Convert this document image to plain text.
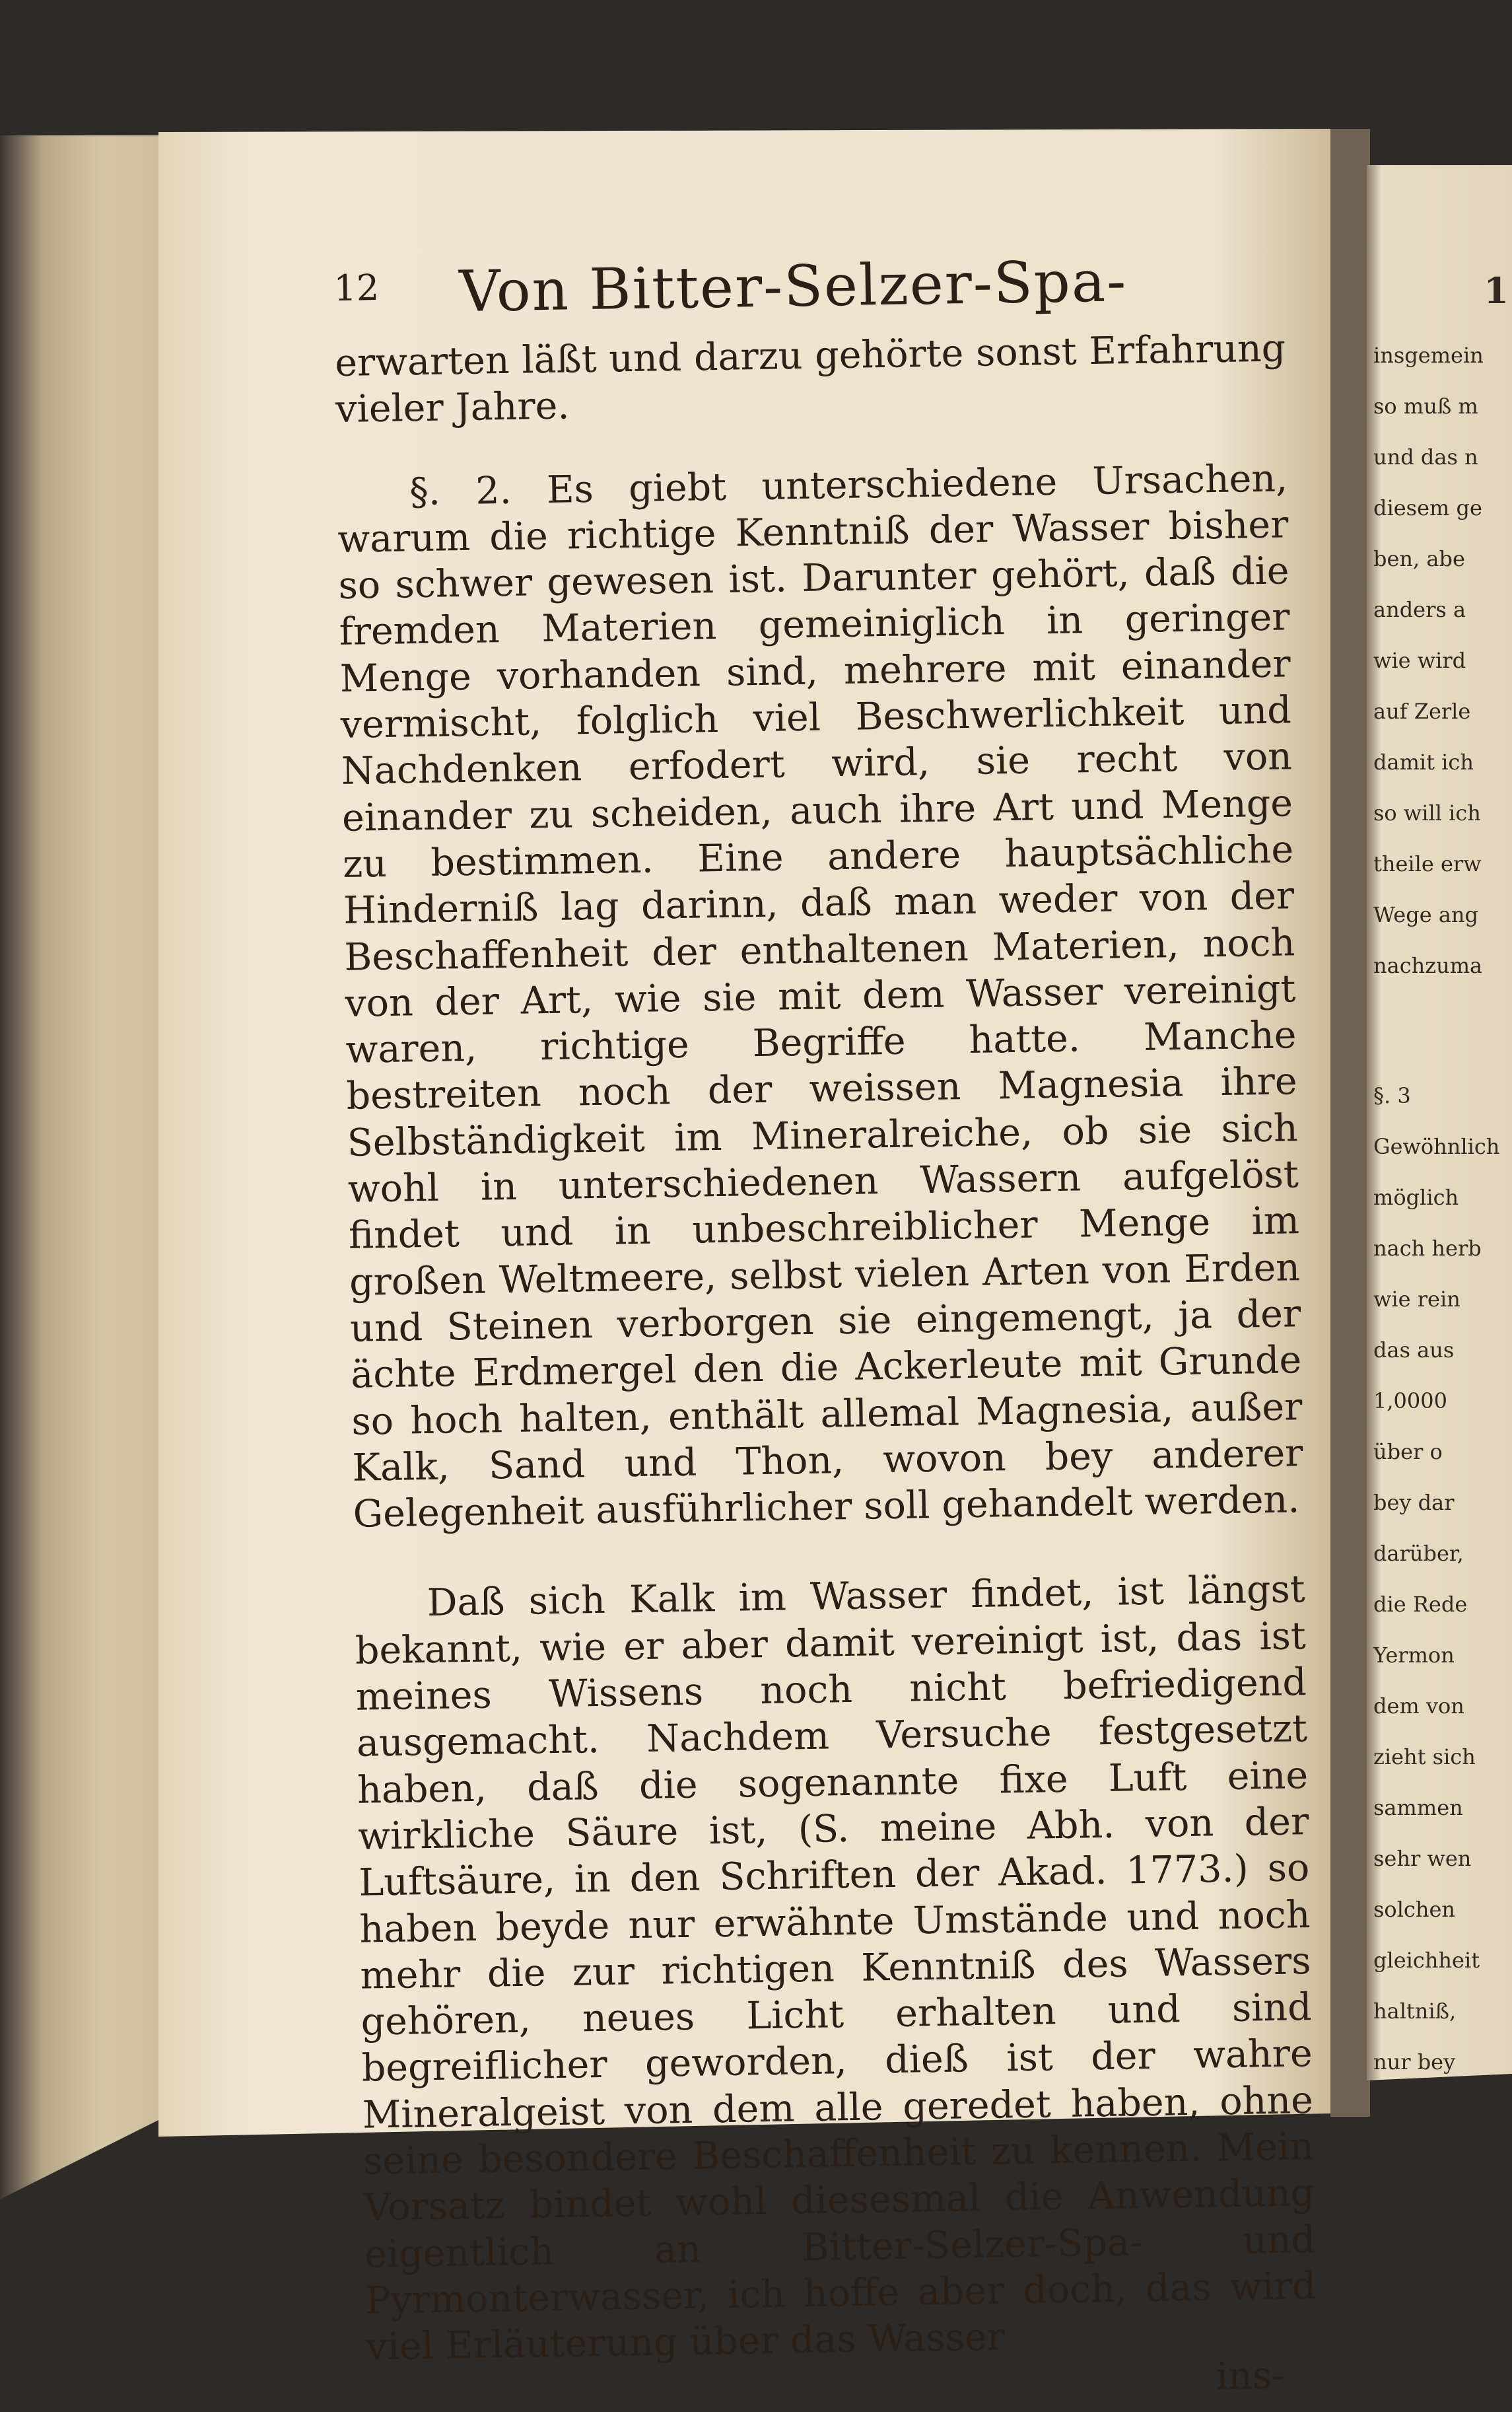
12 Von Bitter-Selzer-Spa-

erwarten läßt und darzu gehörte sonst Erfahrung vieler Jahre.

§. 2. Es giebt unterschiedene Ursachen, warum die richtige Kenntniß der Wasser bisher so schwer gewesen ist. Darunter gehört, daß die fremden Materien gemeiniglich in geringer Menge vorhanden sind, mehrere mit einander vermischt, folglich viel Beschwerlichkeit und Nachdenken erfodert wird, sie recht von einander zu scheiden, auch ihre Art und Menge zu bestimmen. Eine andere hauptsächliche Hinderniß lag darinn, daß man weder von der Beschaffenheit der enthaltenen Materien, noch von der Art, wie sie mit dem Wasser vereinigt waren, richtige Begriffe hatte. Manche bestreiten noch der weissen Magnesia ihre Selbständigkeit im Mineralreiche, ob sie sich wohl in unterschiedenen Wassern aufgelöst findet und in unbeschreiblicher Menge im großen Weltmeere, selbst vielen Arten von Erden und Steinen verborgen sie eingemengt, ja der ächte Erdmergel den die Ackerleute mit Grunde so hoch halten, enthält allemal Magnesia, außer Kalk, Sand und Thon, wovon bey anderer Gelegenheit ausführlicher soll gehandelt werden.

Daß sich Kalk im Wasser findet, ist längst bekannt, wie er aber damit vereinigt ist, das ist meines Wissens noch nicht befriedigend ausgemacht. Nachdem Versuche festgesetzt haben, daß die sogenannte fixe Luft eine wirkliche Säure ist, (S. meine Abh. von der Luftsäure, in den Schriften der Akad. 1773.) so haben beyde nur erwähnte Umstände und noch mehr die zur richtigen Kenntniß des Wassers gehören, neues Licht erhalten und sind begreiflicher geworden, dieß ist der wahre Mineralgeist von dem alle geredet haben, ohne seine besondere Beschaffenheit zu kennen. Mein Vorsatz bindet wohl diesesmal die Anwendung eigentlich an Bitter-Selzer-Spa- und Pyrmonterwasser, ich hoffe aber doch, das wird viel Erläuterung über das Wasser

ins-
1
insgemein
so muß m
und das n
diesem ge
ben, abe
anders a
wie wird
auf Zerle
damit ich
so will ich
theile erw
Wege ang
nachzuma
§. 3
Gewöhnlich
möglich
nach herb
wie rein
das aus
1,0000
über o
bey dar
darüber,
die Rede
Yermon
dem von
zieht sich
sammen
sehr wen
solchen
gleichheit
haltniß,
nur bey
